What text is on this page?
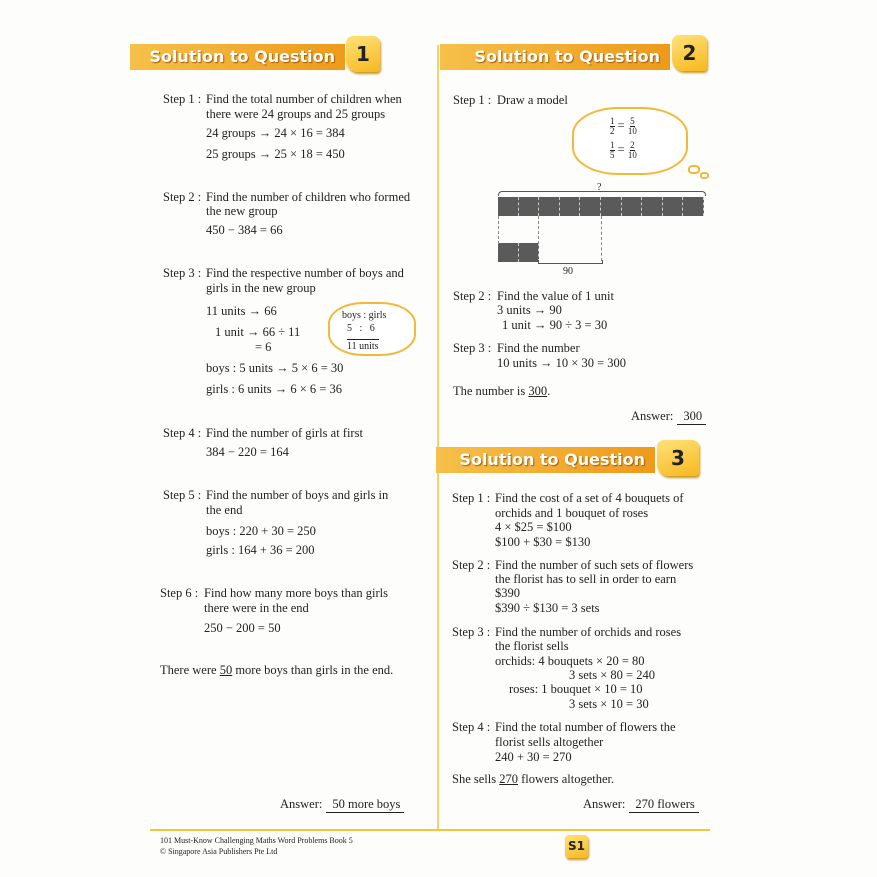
Solution to Question	1
Step 1 : Find the total number of children when
there were 24 groups and 25 groups
24 groups → 24 × 16 = 384
25 groups → 25 × 18 = 450
Step 2 : Find the number of children who formed
the new group
450 − 384 = 66
Step 3 : Find the respective number of boys and
girls in the new group
11 units → 66
1 unit → 66 ÷ 11
= 6
boys : 5 units → 5 × 6 = 30
girls : 6 units → 6 × 6 = 36
boys : girls
5   :   6
11 units
Step 4 : Find the number of girls at first
384 − 220 = 164
Step 5 : Find the number of boys and girls in
the end
boys : 220 + 30 = 250
girls : 164 + 36 = 200
Step 6 : Find how many more boys than girls
there were in the end
250 − 200 = 50
There were 50 more boys than girls in the end.
Answer: 50 more boys
Solution to Question	2
Step 1 : Draw a model
$\frac{1}{2} = \frac{5}{10}$
$\frac{1}{5} = \frac{2}{10}$
?
90
Step 2 : Find the value of 1 unit
3 units → 90
1 unit → 90 ÷ 3 = 30
Step 3 : Find the number
10 units → 10 × 30 = 300
The number is 300.
Answer: 300
Solution to Question	3
Step 1 : Find the cost of a set of 4 bouquets of
orchids and 1 bouquet of roses
4 × $25 = $100
$100 + $30 = $130
Step 2 : Find the number of such sets of flowers
the florist has to sell in order to earn
$390
$390 ÷ $130 = 3 sets
Step 3 : Find the number of orchids and roses
the florist sells
orchids: 4 bouquets × 20 = 80
3 sets × 80 = 240
roses: 1 bouquet × 10 = 10
3 sets × 10 = 30
Step 4 : Find the total number of flowers the
florist sells altogether
240 + 30 = 270
She sells 270 flowers altogether.
Answer: 270 flowers
101 Must-Know Challenging Maths Word Problems Book 5
© Singapore Asia Publishers Pte Ltd	S1
